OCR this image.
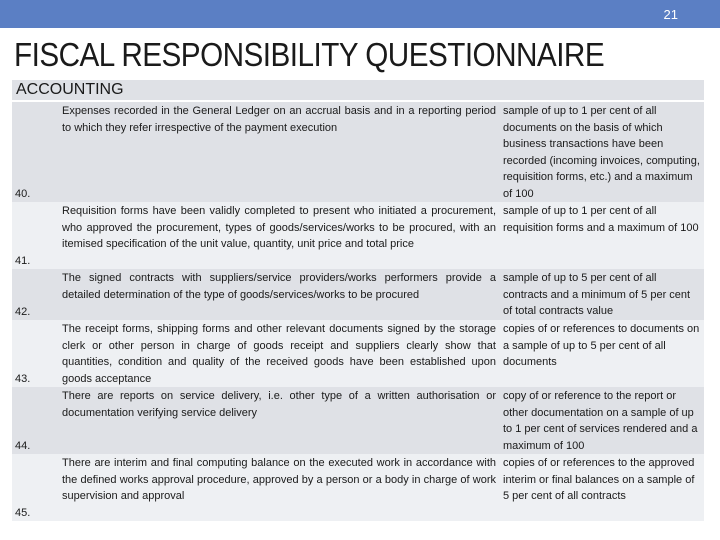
21
FISCAL RESPONSIBILITY QUESTIONNAIRE
ACCOUNTING
40.	Expenses recorded in the General Ledger on an accrual basis and in a reporting period to which they refer irrespective of the payment execution	sample of up to 1 per cent of all documents on the basis of which business transactions have been recorded (incoming invoices, computing, requisition forms, etc.) and a maximum of 100
41.	Requisition forms have been validly completed to present who initiated a procurement, who approved the procurement, types of goods/services/works to be procured, with an itemised specification of the unit value, quantity, unit price and total price	sample of up to 1 per cent of all requisition forms and a maximum of 100
42.	The signed contracts with suppliers/service providers/works performers provide a detailed determination of the type of goods/services/works to be procured	sample of up to 5 per cent of all contracts and a minimum of 5 per cent of total contracts value
43.	The receipt forms, shipping forms and other relevant documents signed by the storage clerk or other person in charge of goods receipt and suppliers clearly show that quantities, condition and quality of the received goods have been established upon goods acceptance	copies of or references to documents on a sample of up to 5 per cent of all documents
44.	There are reports on service delivery, i.e. other type of a written authorisation or documentation verifying service delivery	copy of or reference to the report or other documentation on a sample of up to 1 per cent of services rendered and a maximum of 100
45.	There are interim and final computing balance on the executed work in accordance with the defined works approval procedure, approved by a person or a body in charge of work supervision and approval	copies of or references to the approved interim or final balances on a sample of 5 per cent of all contracts
